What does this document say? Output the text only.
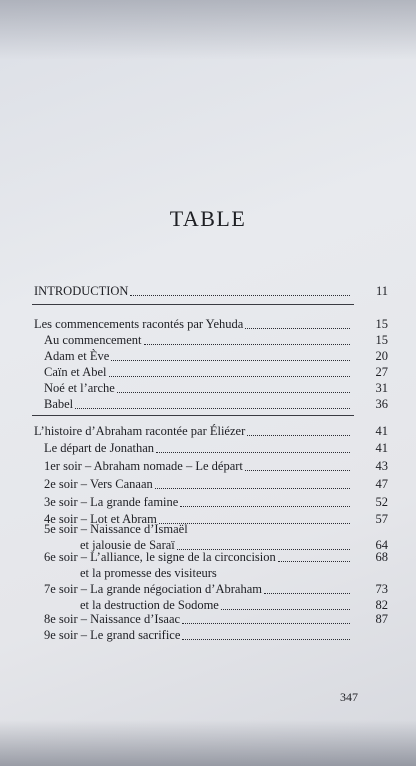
TABLE
INTRODUCTION	11
Les commencements racontés par Yehuda	15
Au commencement	15
Adam et Ève	20
Caïn et Abel	27
Noé et l’arche	31
Babel	36
L’histoire d’Abraham racontée par Éliézer	41
Le départ de Jonathan	41
1er soir – Abraham nomade – Le départ	43
2e soir – Vers Canaan	47
3e soir – La grande famine	52
4e soir – Lot et Abram	57
5e soir – Naissance d’Ismaël
et jalousie de Saraï	64
6e soir – L’alliance, le signe de la circoncision	68
et la promesse des visiteurs
7e soir – La grande négociation d’Abraham	73
et la destruction de Sodome	82
8e soir – Naissance d’Isaac	87
9e soir – Le grand sacrifice
347
